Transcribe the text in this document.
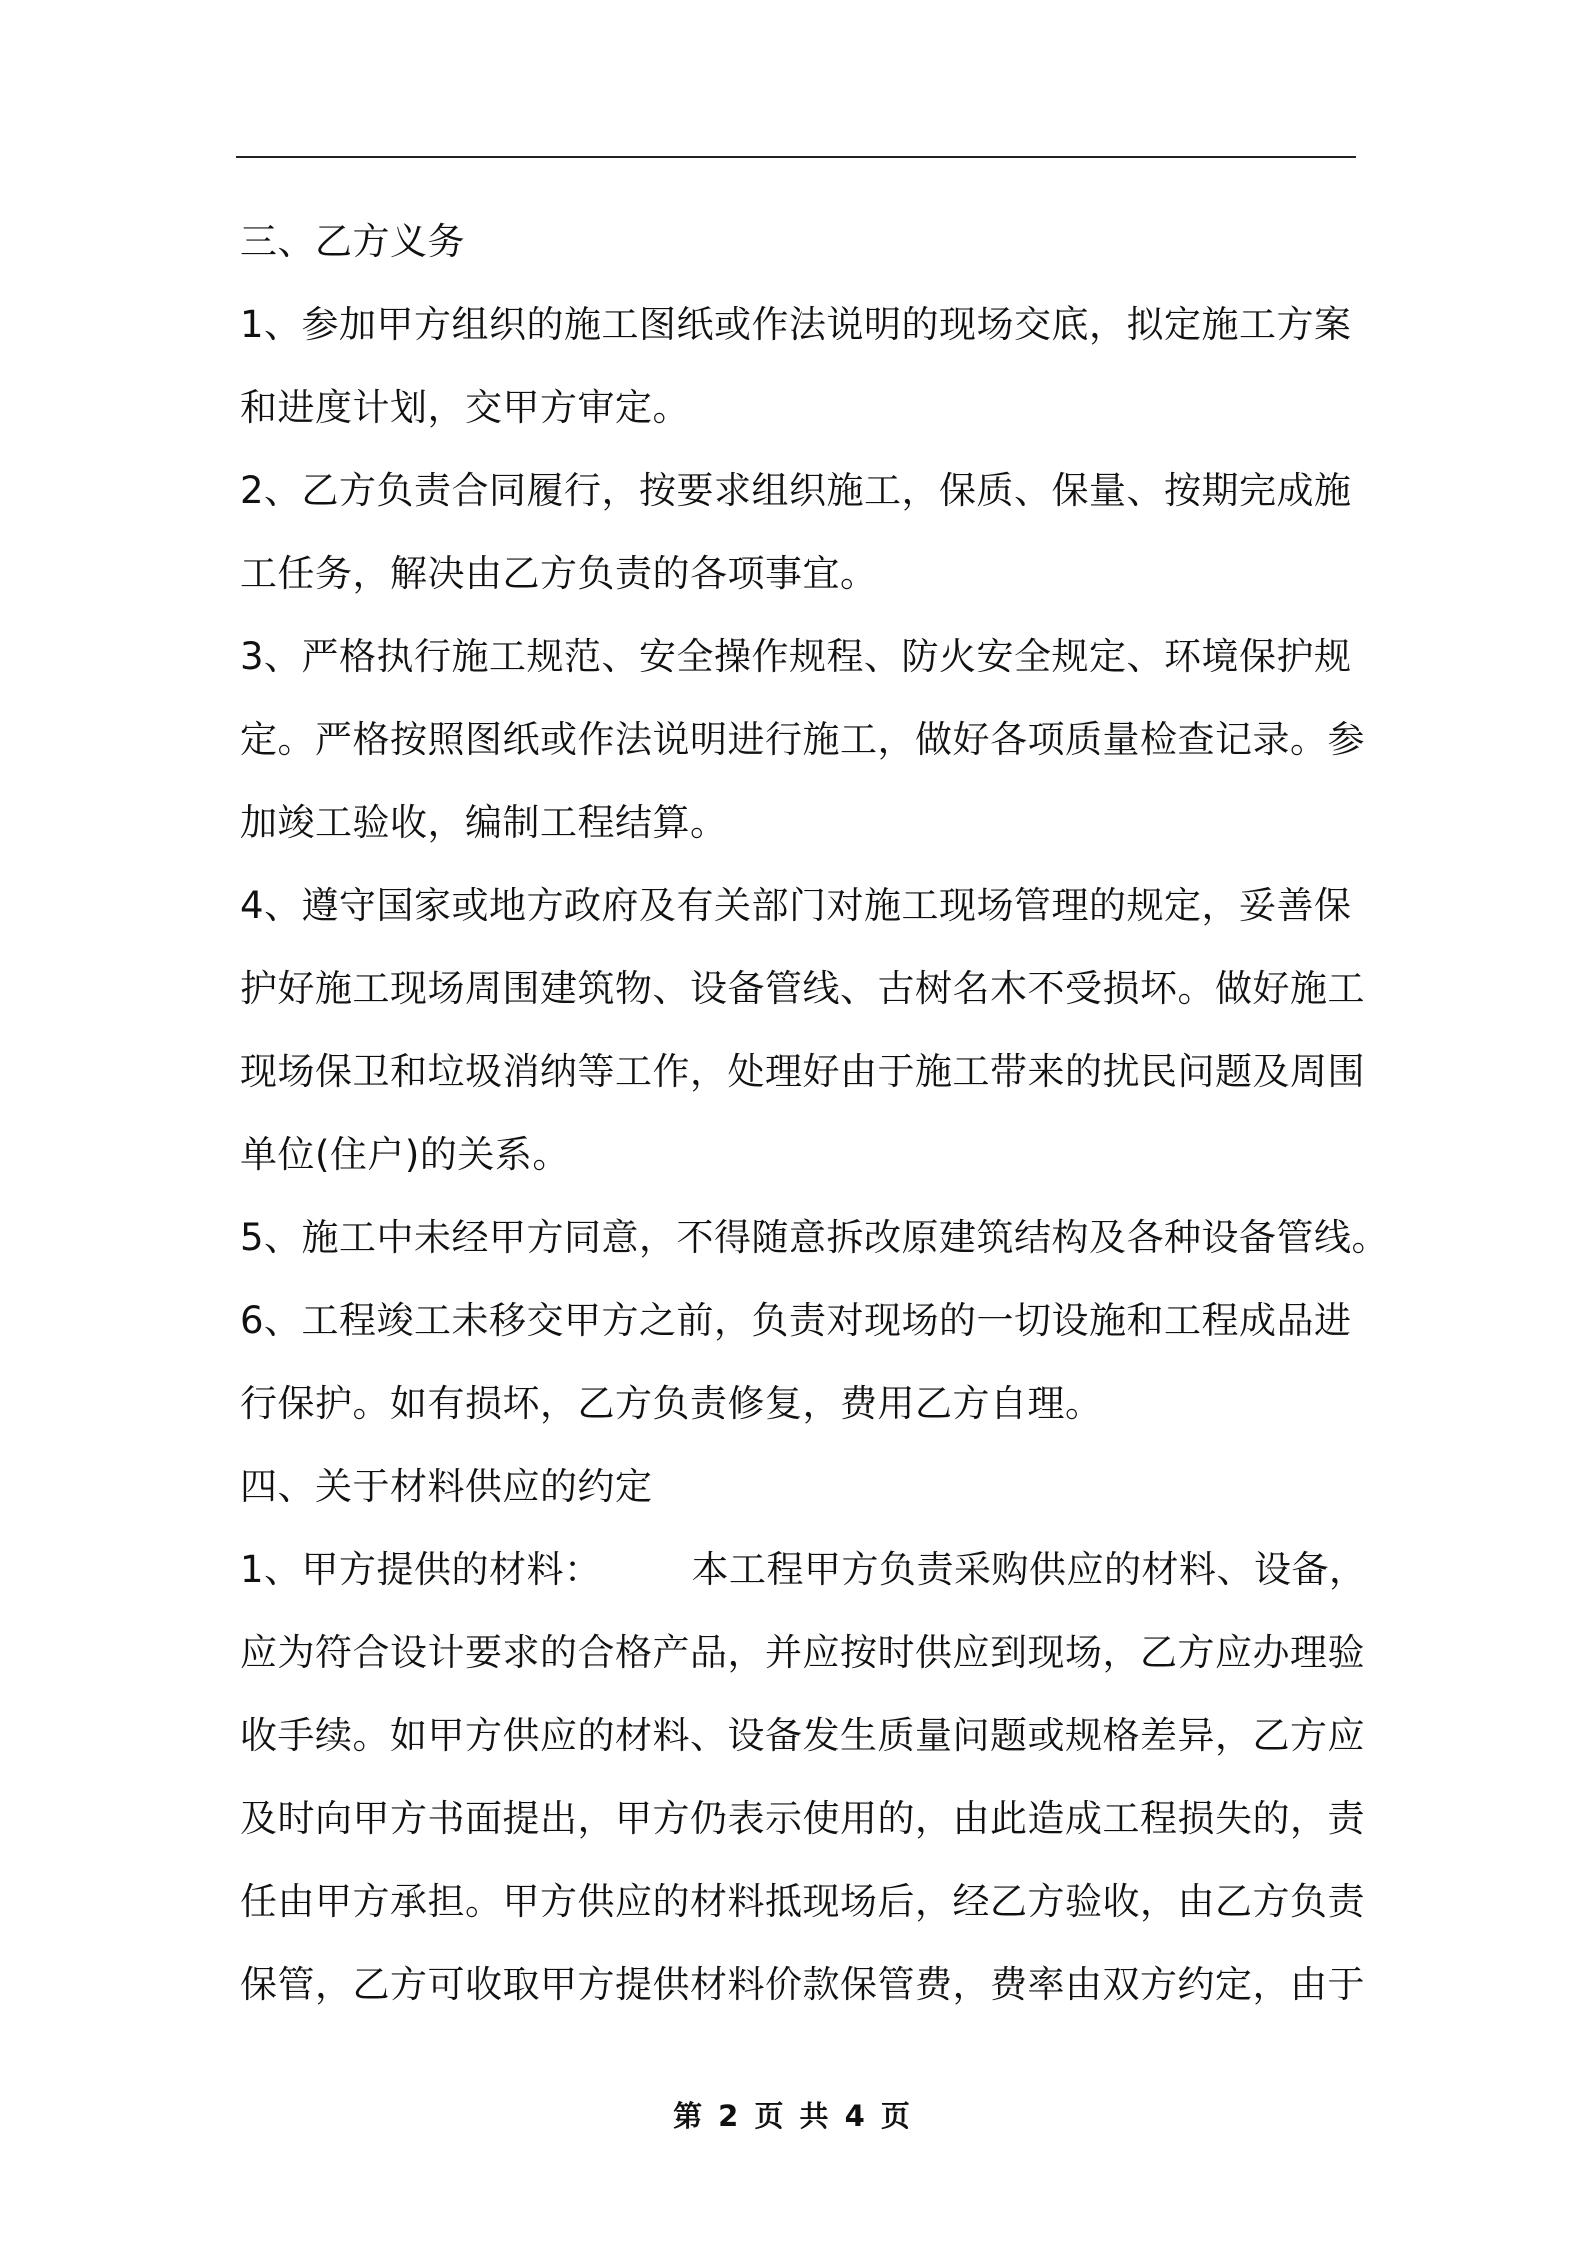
三、乙方义务
1、参加甲方组织的施工图纸或作法说明的现场交底，拟定施工方案
和进度计划，交甲方审定。
2、乙方负责合同履行，按要求组织施工，保质、保量、按期完成施
工任务，解决由乙方负责的各项事宜。
3、严格执行施工规范、安全操作规程、防火安全规定、环境保护规
定。严格按照图纸或作法说明进行施工，做好各项质量检查记录。参
加竣工验收，编制工程结算。
4、遵守国家或地方政府及有关部门对施工现场管理的规定，妥善保
护好施工现场周围建筑物、设备管线、古树名木不受损坏。做好施工
现场保卫和垃圾消纳等工作，处理好由于施工带来的扰民问题及周围
单位(住户)的关系。
5、施工中未经甲方同意，不得随意拆改原建筑结构及各种设备管线。
6、工程竣工未移交甲方之前，负责对现场的一切设施和工程成品进
行保护。如有损坏，乙方负责修复，费用乙方自理。
四、关于材料供应的约定
1、甲方提供的材料： 本工程甲方负责采购供应的材料、设备，
应为符合设计要求的合格产品，并应按时供应到现场，乙方应办理验
收手续。如甲方供应的材料、设备发生质量问题或规格差异，乙方应
及时向甲方书面提出，甲方仍表示使用的，由此造成工程损失的，责
任由甲方承担。甲方供应的材料抵现场后，经乙方验收，由乙方负责
保管，乙方可收取甲方提供材料价款保管费，费率由双方约定，由于
第 2 页 共 4 页
